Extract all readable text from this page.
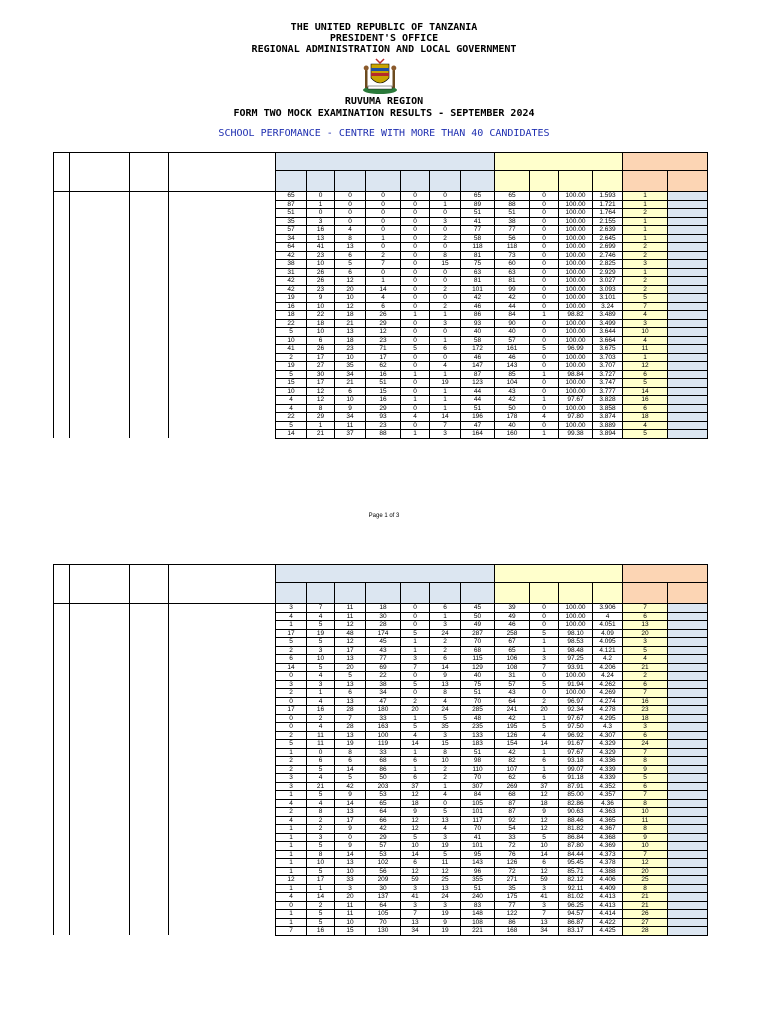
THE UNITED REPUBLIC OF TANZANIA
PRESIDENT'S OFFICE
REGIONAL ADMINISTRATION AND LOCAL GOVERNMENT
RUVUMA REGION
FORM TWO MOCK EXAMINATION RESULTS - SEPTEMBER 2024
SCHOOL PERFOMANCE - CENTRE WITH MORE THAN 40 CANDIDATES

				65	0	0	0	0	0	65	65	0	100.00	1.593	1	
				87	1	0	0	0	1	89	88	0	100.00	1.721	1	
				51	0	0	0	0	0	51	51	0	100.00	1.764	2	
				35	3	0	0	0	3	41	38	0	100.00	2.155	1	
				57	16	4	0	0	0	77	77	0	100.00	2.639	1	
				34	13	8	1	0	2	58	56	0	100.00	2.645	1	
				64	41	13	0	0	0	118	118	0	100.00	2.699	2	
				42	23	6	2	0	8	81	73	0	100.00	2.746	2	
				38	10	5	7	0	15	75	60	0	100.00	2.825	3	
				31	26	6	0	0	0	63	63	0	100.00	2.929	1	
				42	26	12	1	0	0	81	81	0	100.00	3.027	2	
				42	23	20	14	0	2	101	99	0	100.00	3.093	2	
				19	9	10	4	0	0	42	42	0	100.00	3.101	5	
				16	10	12	6	0	2	46	44	0	100.00	3.24	7	
				18	22	18	26	1	1	86	84	1	98.82	3.489	4	
				22	18	21	29	0	3	93	90	0	100.00	3.499	3	
				5	10	13	12	0	0	40	40	0	100.00	3.644	10	
				10	6	18	23	0	1	58	57	0	100.00	3.664	4	
				41	26	23	71	5	6	172	161	5	96.99	3.675	11	
				2	17	10	17	0	0	46	46	0	100.00	3.703	1	
				19	27	35	62	0	4	147	143	0	100.00	3.707	12	
				5	30	34	16	1	1	87	85	1	98.84	3.727	6	
				15	17	21	51	0	19	123	104	0	100.00	3.747	5	
				10	12	6	15	0	1	44	43	0	100.00	3.777	14	
				4	12	10	16	1	1	44	42	1	97.67	3.828	16	
				4	8	9	29	0	1	51	50	0	100.00	3.858	6	
				22	29	34	93	4	14	196	178	4	97.80	3.874	18	
				5	1	11	23	0	7	47	40	0	100.00	3.889	4	
				14	21	37	88	1	3	164	160	1	99.38	3.894	5	
Page 1 of 3

				3	7	11	18	0	6	45	39	0	100.00	3.906	7	
				4	4	11	30	0	1	50	49	0	100.00	4	6	
				1	5	12	28	0	3	49	46	0	100.00	4.051	13	
				17	19	48	174	5	24	287	258	5	98.10	4.09	20	
				5	5	12	45	1	2	70	67	1	98.53	4.095	3	
				2	3	17	43	1	2	68	65	1	98.48	4.121	5	
				6	10	13	77	3	6	115	106	3	97.25	4.2	4	
				14	5	20	69	7	14	129	108	7	93.91	4.206	21	
				0	4	5	22	0	9	40	31	0	100.00	4.24	2	
				3	3	13	38	5	13	75	57	5	91.94	4.262	6	
				2	1	6	34	0	8	51	43	0	100.00	4.269	7	
				0	4	13	47	2	4	70	64	2	96.97	4.274	16	
				17	16	28	180	20	24	285	241	20	92.34	4.278	23	
				0	2	7	33	1	5	48	42	1	97.67	4.295	18	
				0	4	28	163	5	35	235	195	5	97.50	4.3	3	
				2	11	13	100	4	3	133	126	4	96.92	4.307	6	
				5	11	19	119	14	15	183	154	14	91.67	4.329	24	
				1	0	8	33	1	8	51	42	1	97.67	4.329	7	
				2	6	6	68	6	10	98	82	6	93.18	4.336	8	
				2	5	14	86	1	2	110	107	1	99.07	4.339	9	
				3	4	5	50	6	2	70	62	6	91.18	4.339	5	
				3	21	42	203	37	1	307	269	37	87.91	4.352	6	
				1	5	9	53	12	4	84	68	12	85.00	4.357	7	
				4	4	14	65	18	0	105	87	18	82.86	4.36	8	
				2	8	13	64	9	5	101	87	9	90.63	4.363	10	
				4	2	17	66	12	13	117	92	12	88.46	4.365	11	
				1	2	9	42	12	4	70	54	12	81.82	4.367	8	
				1	3	0	29	5	3	41	33	5	86.84	4.368	9	
				1	5	9	57	10	19	101	72	10	87.80	4.369	10	
				1	8	14	53	14	5	95	76	14	84.44	4.373	7	
				1	10	13	102	6	11	143	126	6	95.45	4.378	12	
				1	5	10	56	12	12	96	72	12	85.71	4.388	20	
				12	17	33	209	59	25	355	271	59	82.12	4.406	25	
				1	1	3	30	3	13	51	35	3	92.11	4.409	8	
				4	14	20	137	41	24	240	175	41	81.02	4.413	21	
				0	2	11	64	3	3	83	77	3	96.25	4.413	21	
				1	5	11	105	7	19	148	122	7	94.57	4.414	26	
				1	5	10	70	13	9	108	86	13	86.87	4.422	27	
				7	16	15	130	34	19	221	168	34	83.17	4.425	28	
